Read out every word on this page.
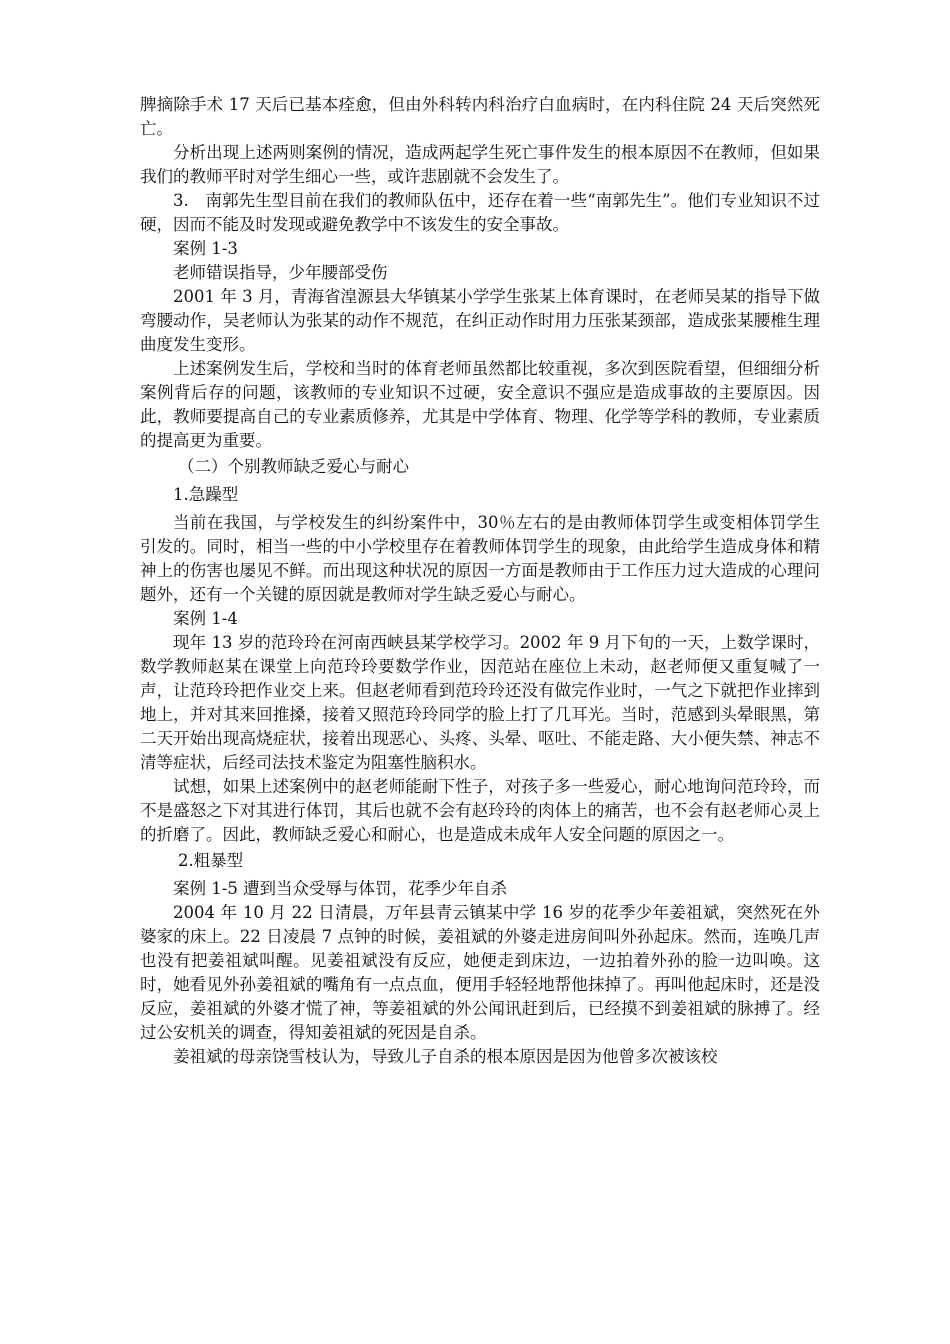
脾摘除手术 17 天后已基本痊愈，但由外科转内科治疗白血病时，在内科住院 24 天后突然死亡。

分析出现上述两则案例的情况，造成两起学生死亡事件发生的根本原因不在教师，但如果我们的教师平时对学生细心一些，或许悲剧就不会发生了。

3.　南郭先生型目前在我们的教师队伍中，还存在着一些“南郭先生”。他们专业知识不过硬，因而不能及时发现或避免教学中不该发生的安全事故。

案例 1-3

老师错误指导，少年腰部受伤

2001 年 3 月，青海省湟源县大华镇某小学学生张某上体育课时，在老师吴某的指导下做弯腰动作，吴老师认为张某的动作不规范，在纠正动作时用力压张某颈部，造成张某腰椎生理曲度发生变形。

上述案例发生后，学校和当时的体育老师虽然都比较重视，多次到医院看望，但细细分析案例背后存的问题，该教师的专业知识不过硬，安全意识不强应是造成事故的主要原因。因此，教师要提高自己的专业素质修养，尤其是中学体育、物理、化学等学科的教师，专业素质的提高更为重要。

（二）个别教师缺乏爱心与耐心

1.急躁型

当前在我国，与学校发生的纠纷案件中，30％左右的是由教师体罚学生或变相体罚学生引发的。同时，相当一些的中小学校里存在着教师体罚学生的现象，由此给学生造成身体和精神上的伤害也屡见不鲜。而出现这种状况的原因一方面是教师由于工作压力过大造成的心理问题外，还有一个关键的原因就是教师对学生缺乏爱心与耐心。

案例 1-4

现年 13 岁的范玲玲在河南西峡县某学校学习。2002 年 9 月下旬的一天，上数学课时，数学教师赵某在课堂上向范玲玲要数学作业，因范站在座位上未动，赵老师便又重复喊了一声，让范玲玲把作业交上来。但赵老师看到范玲玲还没有做完作业时，一气之下就把作业摔到地上，并对其来回推搡，接着又照范玲玲同学的脸上打了几耳光。当时，范感到头晕眼黑，第二天开始出现高烧症状，接着出现恶心、头疼、头晕、呕吐、不能走路、大小便失禁、神志不清等症状，后经司法技术鉴定为阻塞性脑积水。

试想，如果上述案例中的赵老师能耐下性子，对孩子多一些爱心，耐心地询问范玲玲，而不是盛怒之下对其进行体罚，其后也就不会有赵玲玲的肉体上的痛苦，也不会有赵老师心灵上的折磨了。因此，教师缺乏爱心和耐心，也是造成未成年人安全问题的原因之一。

2.粗暴型

案例 1-5 遭到当众受辱与体罚，花季少年自杀

2004 年 10 月 22 日清晨，万年县青云镇某中学 16 岁的花季少年姜祖斌，突然死在外婆家的床上。22 日凌晨 7 点钟的时候，姜祖斌的外婆走进房间叫外孙起床。然而，连唤几声也没有把姜祖斌叫醒。见姜祖斌没有反应，她便走到床边，一边拍着外孙的脸一边叫唤。这时，她看见外孙姜祖斌的嘴角有一点点血，便用手轻轻地帮他抹掉了。再叫他起床时，还是没反应，姜祖斌的外婆才慌了神，等姜祖斌的外公闻讯赶到后，已经摸不到姜祖斌的脉搏了。经过公安机关的调查，得知姜祖斌的死因是自杀。

姜祖斌的母亲饶雪枝认为，导致儿子自杀的根本原因是因为他曾多次被该校
